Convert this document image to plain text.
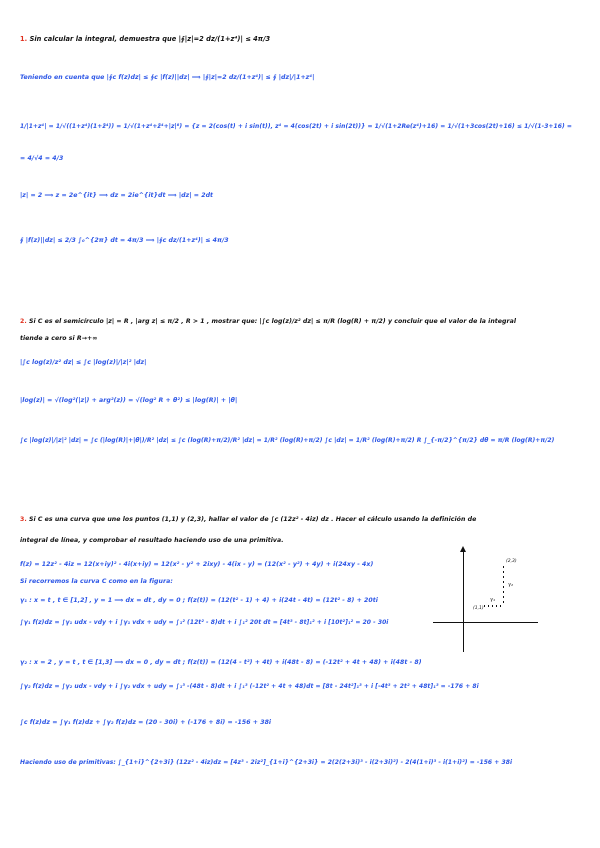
1. Sin calcular la integral, demuestra que |∮|z|=2 dz/(1+z⁴)| ≤ 4π/3
Teniendo en cuenta que |∮c f(z)dz| ≤ ∮c |f(z)||dz| ⟹ |∮|z|=2 dz/(1+z⁴)| ≤ ∮ |dz|/|1+z⁴|
1/|1+z⁴| = 1/√((1+z⁴)(1+z̄⁴)) = 1/√(1+z⁴+z̄⁴+|z|⁸) = {z = 2(cos(t) + i sin(t)), z⁴ = 4(cos(2t) + i sin(2t))} = 1/√(1+2Re(z⁴)+16) = 1/√(1+3cos(2t)+16) ≤ 1/√(1-3+16) =
= 4/√4 = 4/3
|z| = 2 ⟹ z = 2e^{it} ⟹ dz = 2ie^{it}dt ⟹ |dz| = 2dt
∮ |f(z)||dz| ≤ 2/3 ∫₀^{2π} dt = 4π/3 ⟹ |∮c dz/(1+z⁴)| ≤ 4π/3
2. Si C es el semicírculo |z| = R , |arg z| ≤ π/2 , R > 1 , mostrar que: |∫c log(z)/z² dz| ≤ π/R (log(R) + π/2) y concluir que el valor de la integral
tiende a cero si R→+∞
|∫c log(z)/z² dz| ≤ ∫c |log(z)|/|z|² |dz|
|log(z)| = √(log²(|z|) + arg²(z)) = √(log² R + θ²) ≤ |log(R)| + |θ|
∫c |log(z)|/|z|² |dz| = ∫c (|log(R)|+|θ|)/R² |dz| ≤ ∫c (log(R)+π/2)/R² |dz| = 1/R² (log(R)+π/2) ∫c |dz| = 1/R² (log(R)+π/2) R ∫_{-π/2}^{π/2} dθ = π/R (log(R)+π/2)
3. Si C es una curva que une los puntos (1,1) y (2,3), hallar el valor de ∫c (12z² - 4iz) dz . Hacer el cálculo usando la definición de
integral de línea, y comprobar el resultado haciendo uso de una primitiva.
f(z) = 12z² - 4iz = 12(x+iy)² - 4i(x+iy) = 12(x² - y² + 2ixy) - 4(ix - y) = (12(x² - y²) + 4y) + i(24xy - 4x)
Si recorremos la curva C como en la figura:
γ₁ : x = t , t ∈ [1,2] , y = 1 ⟹ dx = dt , dy = 0 ; f(z(t)) = (12(t² - 1) + 4) + i(24t - 4t) = (12t² - 8) + 20ti
∫γ₁ f(z)dz = ∫γ₁ udx - vdy + i ∫γ₁ vdx + udy = ∫₁² (12t² - 8)dt + i ∫₁² 20t dt = [4t³ - 8t]₁² + i [10t²]₁² = 20 - 30i
γ₂ : x = 2 , y = t , t ∈ [1,3] ⟹ dx = 0 , dy = dt ; f(z(t)) = (12(4 - t²) + 4t) + i(48t - 8) = (-12t² + 4t + 48) + i(48t - 8)
∫γ₂ f(z)dz = ∫γ₂ udx - vdy + i ∫γ₂ vdx + udy = ∫₁³ -(48t - 8)dt + i ∫₁³ (-12t² + 4t + 48)dt = [8t - 24t²]₁³ + i [-4t³ + 2t² + 48t]₁³ = -176 + 8i
∫c f(z)dz = ∫γ₁ f(z)dz + ∫γ₂ f(z)dz = (20 - 30i) + (-176 + 8i) = -156 + 38i
Haciendo uso de primitivas: ∫_{1+i}^{2+3i} (12z² - 4iz)dz = [4z³ - 2iz²]_{1+i}^{2+3i} = 2(2(2+3i)³ - i(2+3i)²) - 2(4(1+i)³ - i(1+i)²) = -156 + 38i
(2,3)
(1,1)
γ₁
γ₂
